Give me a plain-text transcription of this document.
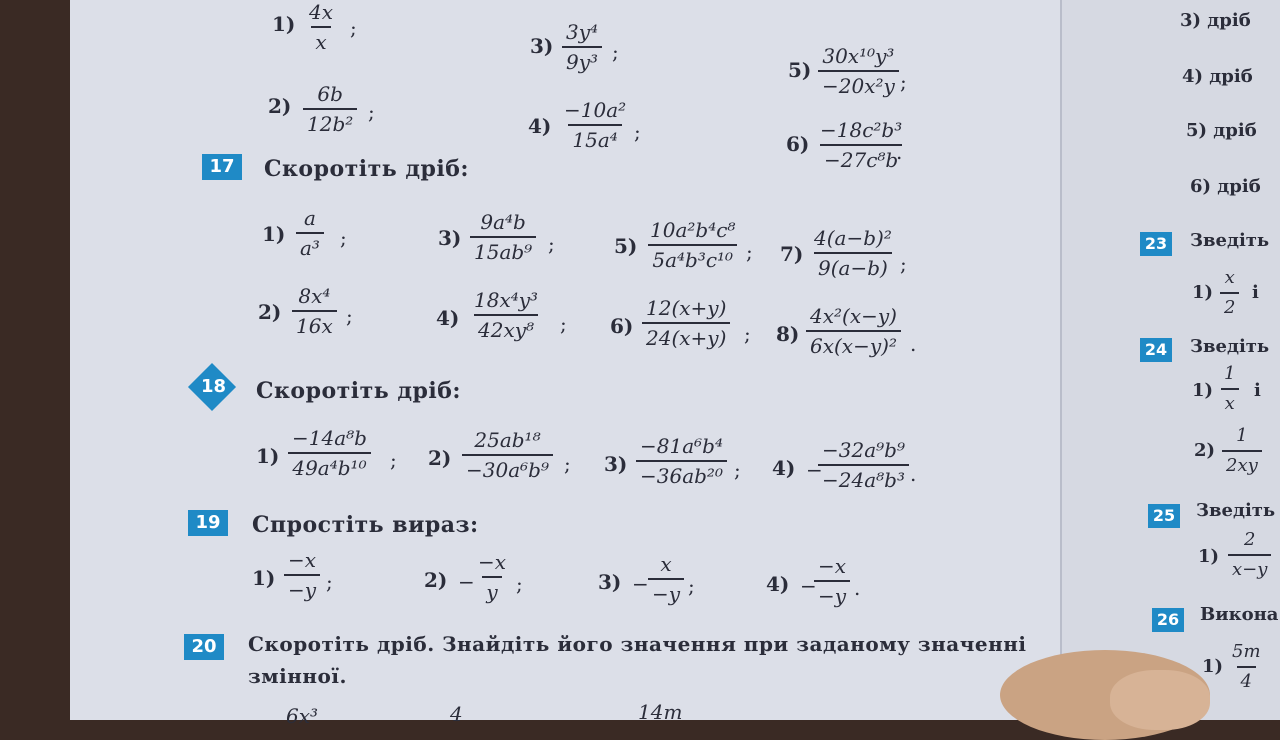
$1) \frac{4x}{x}$ ;
$2) \frac{6b}{\text{12b²}}$ ;
$3) \frac{\text{3y⁴}}{\text{9y³}}$ ;
$4) \frac{\text{−10a²}}{\text{15a⁴}}$ ;
$5) \frac{\text{30x¹⁰y³}}{\text{−20x²y}}$ ;
$6) \frac{\text{−18c²b³}}{\text{−27c⁸b}}$
.
17	Скоротіть дріб:
$1) \frac{a}{\text{a³}}$ ;
$2) \frac{\text{8x⁴}}{16x}$ ;
$3) \frac{\text{9a⁴b}}{\text{15ab⁹}}$ ;
$4) \frac{\text{18x⁴y³}}{\text{42xy⁸}}$ ;
$5) \frac{\text{10a²b⁴c⁸}}{\text{5a⁴b³c¹⁰}}$ ;
$6) \frac{12(x+y)}{24(x+y)}$ ;
$7) \frac{\text{4(a−b)²}}{9(a-b)}$ ;
$8) \frac{\text{4x²(x−y)}}{\text{6x(x−y)²}}$ .
18 Скоротіть дріб:
$1) \frac{\text{−14a⁸b}}{\text{49a⁴b¹⁰}}$ ; $2) \frac{\text{25ab¹⁸}}{\text{−30a⁶b⁹}}$ ; $3) \frac{\text{−81a⁶b⁴}}{\text{−36ab²⁰}}$ ; 4) −
$\frac{\text{−32a⁹b⁹}}{\text{−24a⁸b³}}$ .
19	Спростіть вираз:
$1) \frac{-x}{-y}$ ;	$2) - \frac{-x}{y}$ ;	$3) - \frac{x}{-y}$ ;	4) −
$\frac{-x}{-y}$ .
20	Скоротіть дріб. Знайдіть його значення при заданому значенні
змінної.
6x³	4	14m
3) дріб
4) дріб
5) дріб
6) дріб
23 Зведіть
$1) \frac{x}{2}$ і
24 Зведіть
$1) \frac{1}{x}$ і
$2) \frac{1}{2xy}$
25 Зведіть
$1) \frac{2}{x-y}$
26 Викона
$1) \frac{5m}{4}$
